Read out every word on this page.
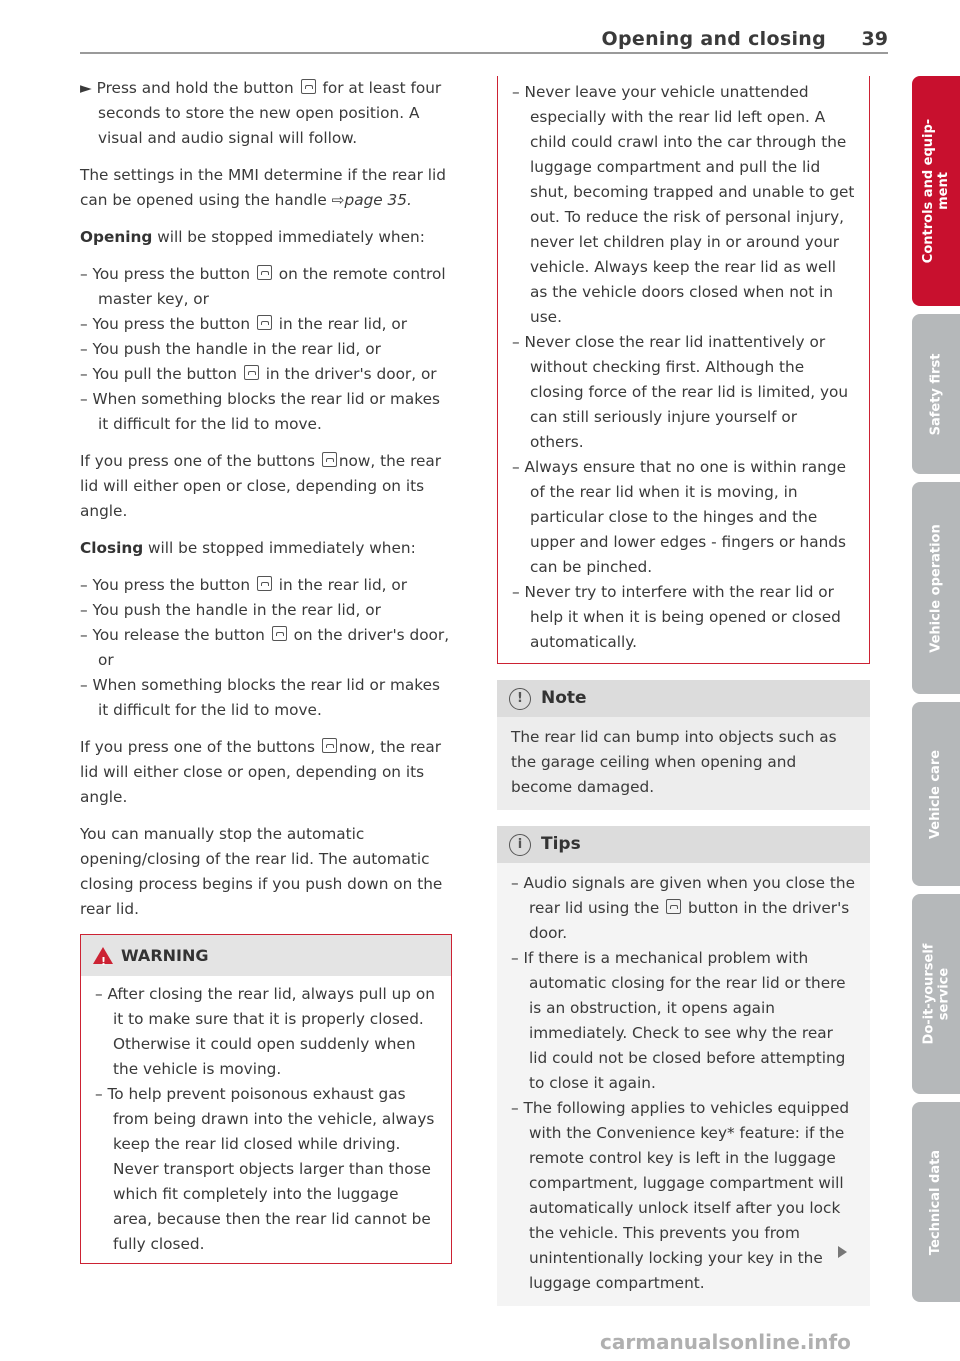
Opening and closing 39

► Press and hold the button for at least four seconds to store the new open position. A visual and audio signal will follow.

The settings in the MMI determine if the rear lid can be opened using the handle ⇨page 35.

Opening will be stopped immediately when:

– You press the button on the remote control master key, or

– You press the button in the rear lid, or

– You push the handle in the rear lid, or

– You pull the button in the driver's door, or

– When something blocks the rear lid or makes it difficult for the lid to move.

If you press one of the buttons now, the rear lid will either open or close, depending on its angle.

Closing will be stopped immediately when:

– You press the button in the rear lid, or

– You push the handle in the rear lid, or

– You release the button on the driver's door, or

– When something blocks the rear lid or makes it difficult for the lid to move.

If you press one of the buttons now, the rear lid will either close or open, depending on its angle.

You can manually stop the automatic opening/closing of the rear lid. The automatic closing process begins if you push down on the rear lid.

!
WARNING

– After closing the rear lid, always pull up on it to make sure that it is properly closed. Otherwise it could open suddenly when the vehicle is moving.

– To help prevent poisonous exhaust gas from being drawn into the vehicle, always keep the rear lid closed while driving. Never transport objects larger than those which fit completely into the luggage area, because then the rear lid cannot be fully closed.

– Never leave your vehicle unattended especially with the rear lid left open. A child could crawl into the car through the luggage compartment and pull the lid shut, becoming trapped and unable to get out. To reduce the risk of personal injury, never let children play in or around your vehicle. Always keep the rear lid as well as the vehicle doors closed when not in use.

– Never close the rear lid inattentively or without checking first. Although the closing force of the rear lid is limited, you can still seriously injure yourself or others.

– Always ensure that no one is within range of the rear lid when it is moving, in particular close to the hinges and the upper and lower edges - fingers or hands can be pinched.

– Never try to interfere with the rear lid or help it when it is being opened or closed automatically.

!	Note
The rear lid can bump into objects such as the garage ceiling when opening and become damaged.
i	Tips

– Audio signals are given when you close the rear lid using the button in the driver's door.

– If there is a mechanical problem with automatic closing for the rear lid or there is an obstruction, it opens again immediately. Check to see why the rear lid could not be closed before attempting to close it again.

– The following applies to vehicles equipped with the Convenience key* feature: if the remote control key is left in the luggage compartment, luggage compartment will automatically unlock itself after you lock the vehicle. This prevents you from unintentionally locking your key in the luggage compartment.

Controls and equip-
ment
Safety first
Vehicle operation
Vehicle care
Do-it-yourself
service
Technical data
carmanualsonline.info
